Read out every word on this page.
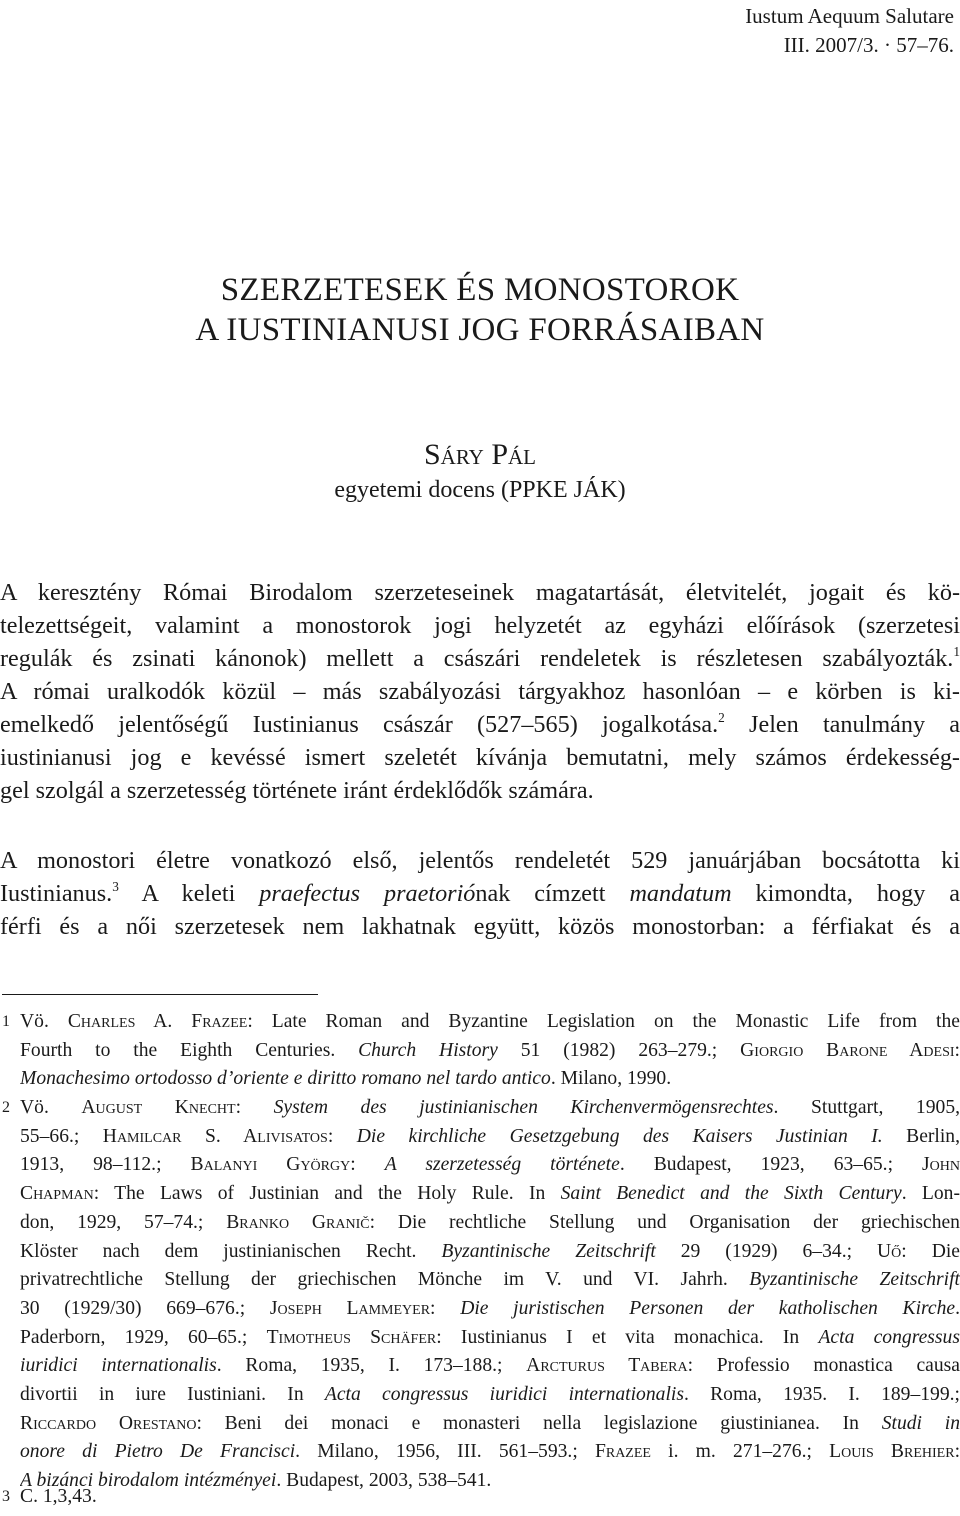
Iustum Aequum Salutare
III. 2007/3. · 57–76.
SZERZETESEK ÉS MONOSTOROK
A IUSTINIANUSI JOG FORRÁSAIBAN
Sáry Pál
egyetemi docens (PPKE JÁK)
A keresztény Római Birodalom szerzeteseinek magatartását, életvitelét, jogait és kö-
telezettségeit, valamint a monostorok jogi helyzetét az egyházi előírások (szerzetesi
regulák és zsinati kánonok) mellett a császári rendeletek is részletesen szabályozták.$^1$
A római uralkodók közül – más szabályozási tárgyakhoz hasonlóan – e körben is ki-
emelkedő jelentőségű Iustinianus császár (527–565) jogalkotása.$^2$ Jelen tanulmány a
iustinianusi jog e kevéssé ismert szeletét kívánja bemutatni, mely számos érdekesség-
gel szolgál a szerzetesség története iránt érdeklődők számára.
A monostori életre vonatkozó első, jelentős rendeletét 529 januárjában bocsátotta ki
Iustinianus.$^3$ A keleti praefectus praetoriónak címzett mandatum kimondta, hogy a
férfi és a női szerzetesek nem lakhatnak együtt, közös monostorban: a férfiakat és a
1 Vö. Charles A. Frazee: Late Roman and Byzantine Legislation on the Monastic Life from the
Fourth to the Eighth Centuries. Church History 51 (1982) 263–279.; Giorgio Barone Adesi:
Monachesimo ortodosso d’oriente e diritto romano nel tardo antico. Milano, 1990.
2 Vö. August Knecht: System des justinianischen Kirchenvermögensrechtes. Stuttgart, 1905,
55–66.; Hamilcar S. Alivisatos: Die kirchliche Gesetzgebung des Kaisers Justinian I. Berlin,
1913, 98–112.; Balanyi György: A szerzetesség története. Budapest, 1923, 63–65.; John
Chapman: The Laws of Justinian and the Holy Rule. In Saint Benedict and the Sixth Century. Lon-
don, 1929, 57–74.; Branko Granič: Die rechtliche Stellung und Organisation der griechischen
Klöster nach dem justinianischen Recht. Byzantinische Zeitschrift 29 (1929) 6–34.; Uő: Die
privatrechtliche Stellung der griechischen Mönche im V. und VI. Jahrh. Byzantinische Zeitschrift
30 (1929/30) 669–676.; Joseph Lammeyer: Die juristischen Personen der katholischen Kirche.
Paderborn, 1929, 60–65.; Timotheus Schäfer: Iustinianus I et vita monachica. In Acta congressus
iuridici internationalis. Roma, 1935, I. 173–188.; Arcturus Tabera: Professio monastica causa
divortii in iure Iustiniani. In Acta congressus iuridici internationalis. Roma, 1935. I. 189–199.;
Riccardo Orestano: Beni dei monaci e monasteri nella legislazione giustinianea. In Studi in
onore di Pietro De Francisci. Milano, 1956, III. 561–593.; Frazee i. m. 271–276.; Louis Brehier:
A bizánci birodalom intézményei. Budapest, 2003, 538–541.
3 C. 1,3,43.
